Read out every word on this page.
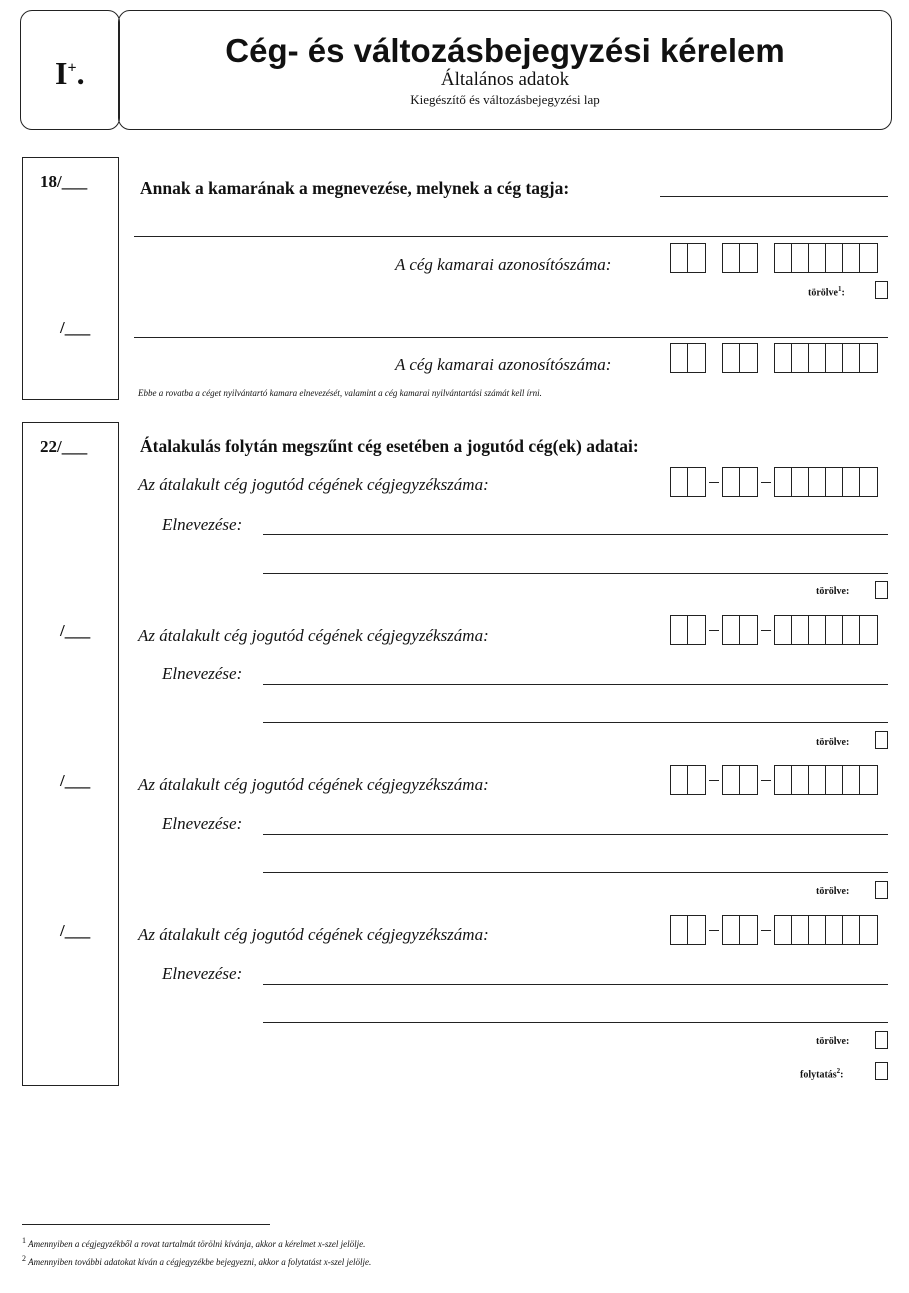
I+.
Cég- és változásbejegyzési kérelem
Általános adatok
Kiegészítő és változásbejegyzési lap
18/___	Annak a kamarának a megnevezése, melynek a cég tagja:
A cég kamarai azonosítószáma:
törölve$^1$:
/___
A cég kamarai azonosítószáma:
Ebbe a rovatba a céget nyilvántartó kamara elnevezését, valamint a cég kamarai nyilvántartási számát kell írni.
22/___	Átalakulás folytán megszűnt cég esetében a jogutód cég(ek) adatai:
Az átalakult cég jogutód cégének cégjegyzékszáma:
Elnevezése:
törölve:
/___	Az átalakult cég jogutód cégének cégjegyzékszáma:
Elnevezése:
törölve:
/___	Az átalakult cég jogutód cégének cégjegyzékszáma:
Elnevezése:
törölve:
/___	Az átalakult cég jogutód cégének cégjegyzékszáma:
Elnevezése:
törölve:
folytatás$^2$:
$^1$ Amennyiben a cégjegyzékből a rovat tartalmát törölni kívánja, akkor a kérelmet x-szel jelölje.
$^2$ Amennyiben további adatokat kíván a cégjegyzékbe bejegyezni, akkor a folytatást x-szel jelölje.
